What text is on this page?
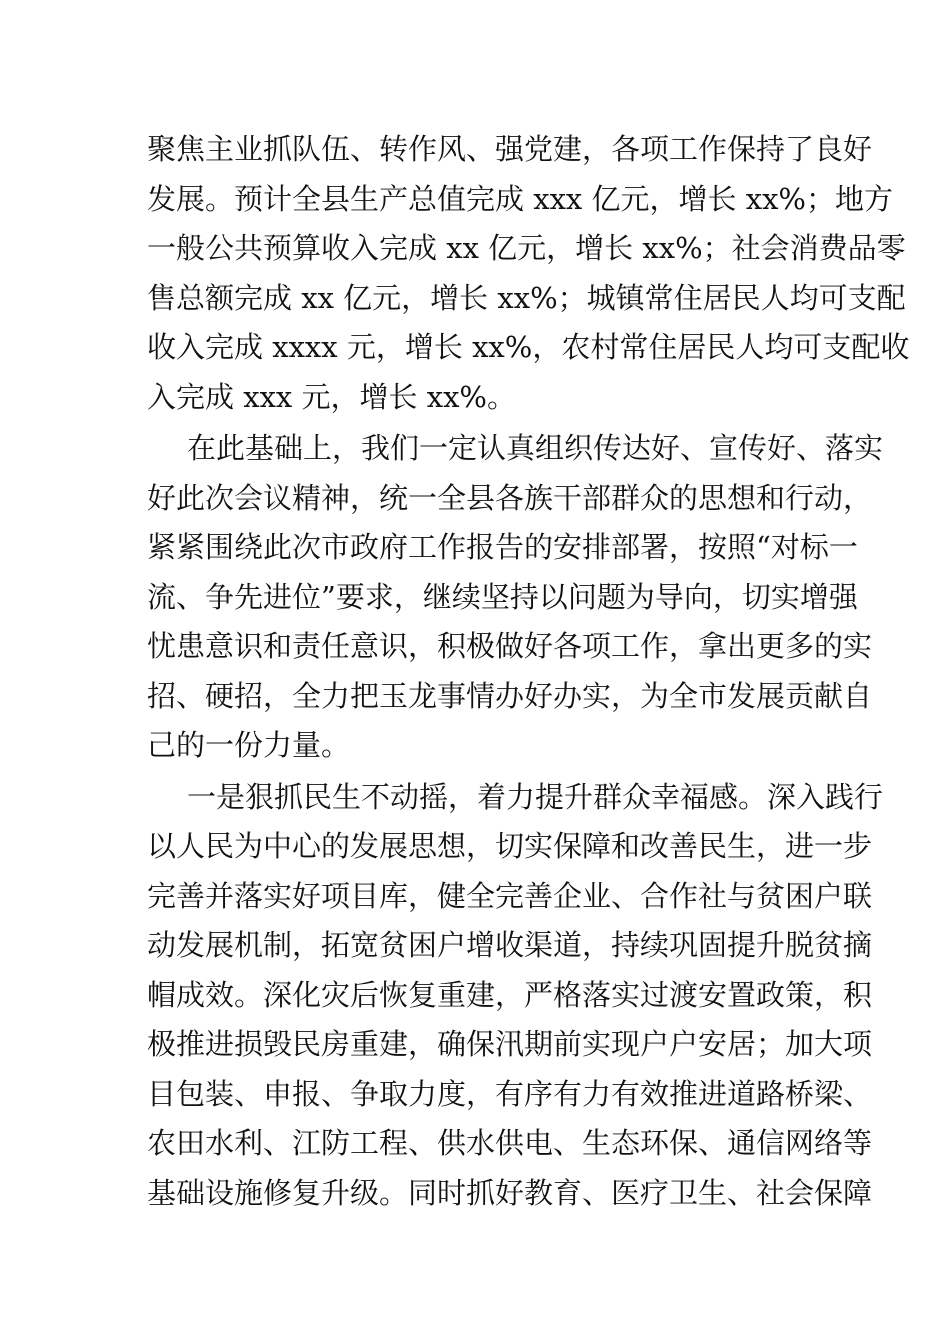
聚焦主业抓队伍、转作风、强党建，各项工作保持了良好
发展。预计全县生产总值完成 xxx 亿元，增长 xx%；地方
一般公共预算收入完成 xx 亿元，增长 xx%；社会消费品零
售总额完成 xx 亿元，增长 xx%；城镇常住居民人均可支配
收入完成 xxxx 元，增长 xx%，农村常住居民人均可支配收
入完成 xxx 元，增长 xx%。
在此基础上，我们一定认真组织传达好、宣传好、落实
好此次会议精神，统一全县各族干部群众的思想和行动，
紧紧围绕此次市政府工作报告的安排部署，按照“对标一
流、争先进位”要求，继续坚持以问题为导向，切实增强
忧患意识和责任意识，积极做好各项工作，拿出更多的实
招、硬招，全力把玉龙事情办好办实，为全市发展贡献自
己的一份力量。
一是狠抓民生不动摇，着力提升群众幸福感。深入践行
以人民为中心的发展思想，切实保障和改善民生，进一步
完善并落实好项目库，健全完善企业、合作社与贫困户联
动发展机制，拓宽贫困户增收渠道，持续巩固提升脱贫摘
帽成效。深化灾后恢复重建，严格落实过渡安置政策，积
极推进损毁民房重建，确保汛期前实现户户安居；加大项
目包装、申报、争取力度，有序有力有效推进道路桥梁、
农田水利、江防工程、供水供电、生态环保、通信网络等
基础设施修复升级。同时抓好教育、医疗卫生、社会保障
